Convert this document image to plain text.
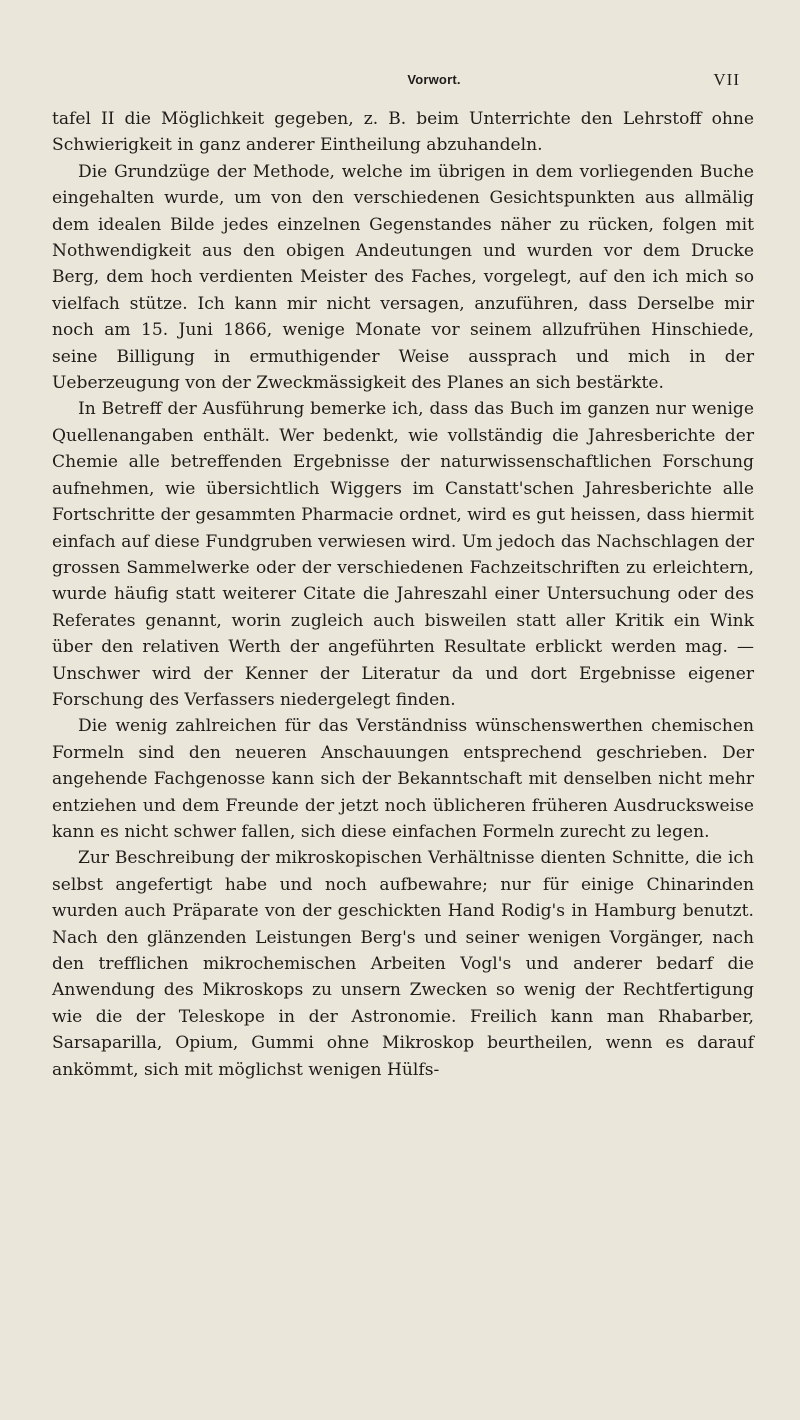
Vorwort.	VII

tafel II die Möglichkeit gegeben, z. B. beim Unterrichte den Lehrstoff ohne Schwierigkeit in ganz anderer Eintheilung abzuhandeln.

Die Grundzüge der Methode, welche im übrigen in dem vorliegenden Buche eingehalten wurde, um von den verschiedenen Gesichtspunkten aus allmälig dem idealen Bilde jedes einzelnen Gegenstandes näher zu rücken, folgen mit Nothwendigkeit aus den obigen Andeutungen und wurden vor dem Drucke Berg, dem hoch verdienten Meister des Faches, vorgelegt, auf den ich mich so vielfach stütze. Ich kann mir nicht versagen, anzuführen, dass Derselbe mir noch am 15. Juni 1866, wenige Monate vor seinem allzufrühen Hinschiede, seine Billigung in ermuthigender Weise aussprach und mich in der Ueberzeugung von der Zweckmässigkeit des Planes an sich bestärkte.

In Betreff der Ausführung bemerke ich, dass das Buch im ganzen nur wenige Quellenangaben enthält. Wer bedenkt, wie vollständig die Jahresberichte der Chemie alle betreffenden Ergebnisse der naturwissenschaftlichen Forschung aufnehmen, wie übersichtlich Wiggers im Canstatt'schen Jahresberichte alle Fortschritte der gesammten Pharmacie ordnet, wird es gut heissen, dass hiermit einfach auf diese Fundgruben verwiesen wird. Um jedoch das Nachschlagen der grossen Sammelwerke oder der verschiedenen Fachzeitschriften zu erleichtern, wurde häufig statt weiterer Citate die Jahreszahl einer Untersuchung oder des Referates genannt, worin zugleich auch bisweilen statt aller Kritik ein Wink über den relativen Werth der angeführten Resultate erblickt werden mag. — Unschwer wird der Kenner der Literatur da und dort Ergebnisse eigener Forschung des Verfassers niedergelegt finden.

Die wenig zahlreichen für das Verständniss wünschenswerthen chemischen Formeln sind den neueren Anschauungen entsprechend geschrieben. Der angehende Fachgenosse kann sich der Bekanntschaft mit denselben nicht mehr entziehen und dem Freunde der jetzt noch üblicheren früheren Ausdrucksweise kann es nicht schwer fallen, sich diese einfachen Formeln zurecht zu legen.

Zur Beschreibung der mikroskopischen Verhältnisse dienten Schnitte, die ich selbst angefertigt habe und noch aufbewahre; nur für einige Chinarinden wurden auch Präparate von der geschickten Hand Rodig's in Hamburg benutzt. Nach den glänzenden Leistungen Berg's und seiner wenigen Vorgänger, nach den trefflichen mikrochemischen Arbeiten Vogl's und anderer bedarf die Anwendung des Mikroskops zu unsern Zwecken so wenig der Rechtfertigung wie die der Teleskope in der Astronomie. Freilich kann man Rhabarber, Sarsaparilla, Opium, Gummi ohne Mikroskop beurtheilen, wenn es darauf ankömmt, sich mit möglichst wenigen Hülfs-
